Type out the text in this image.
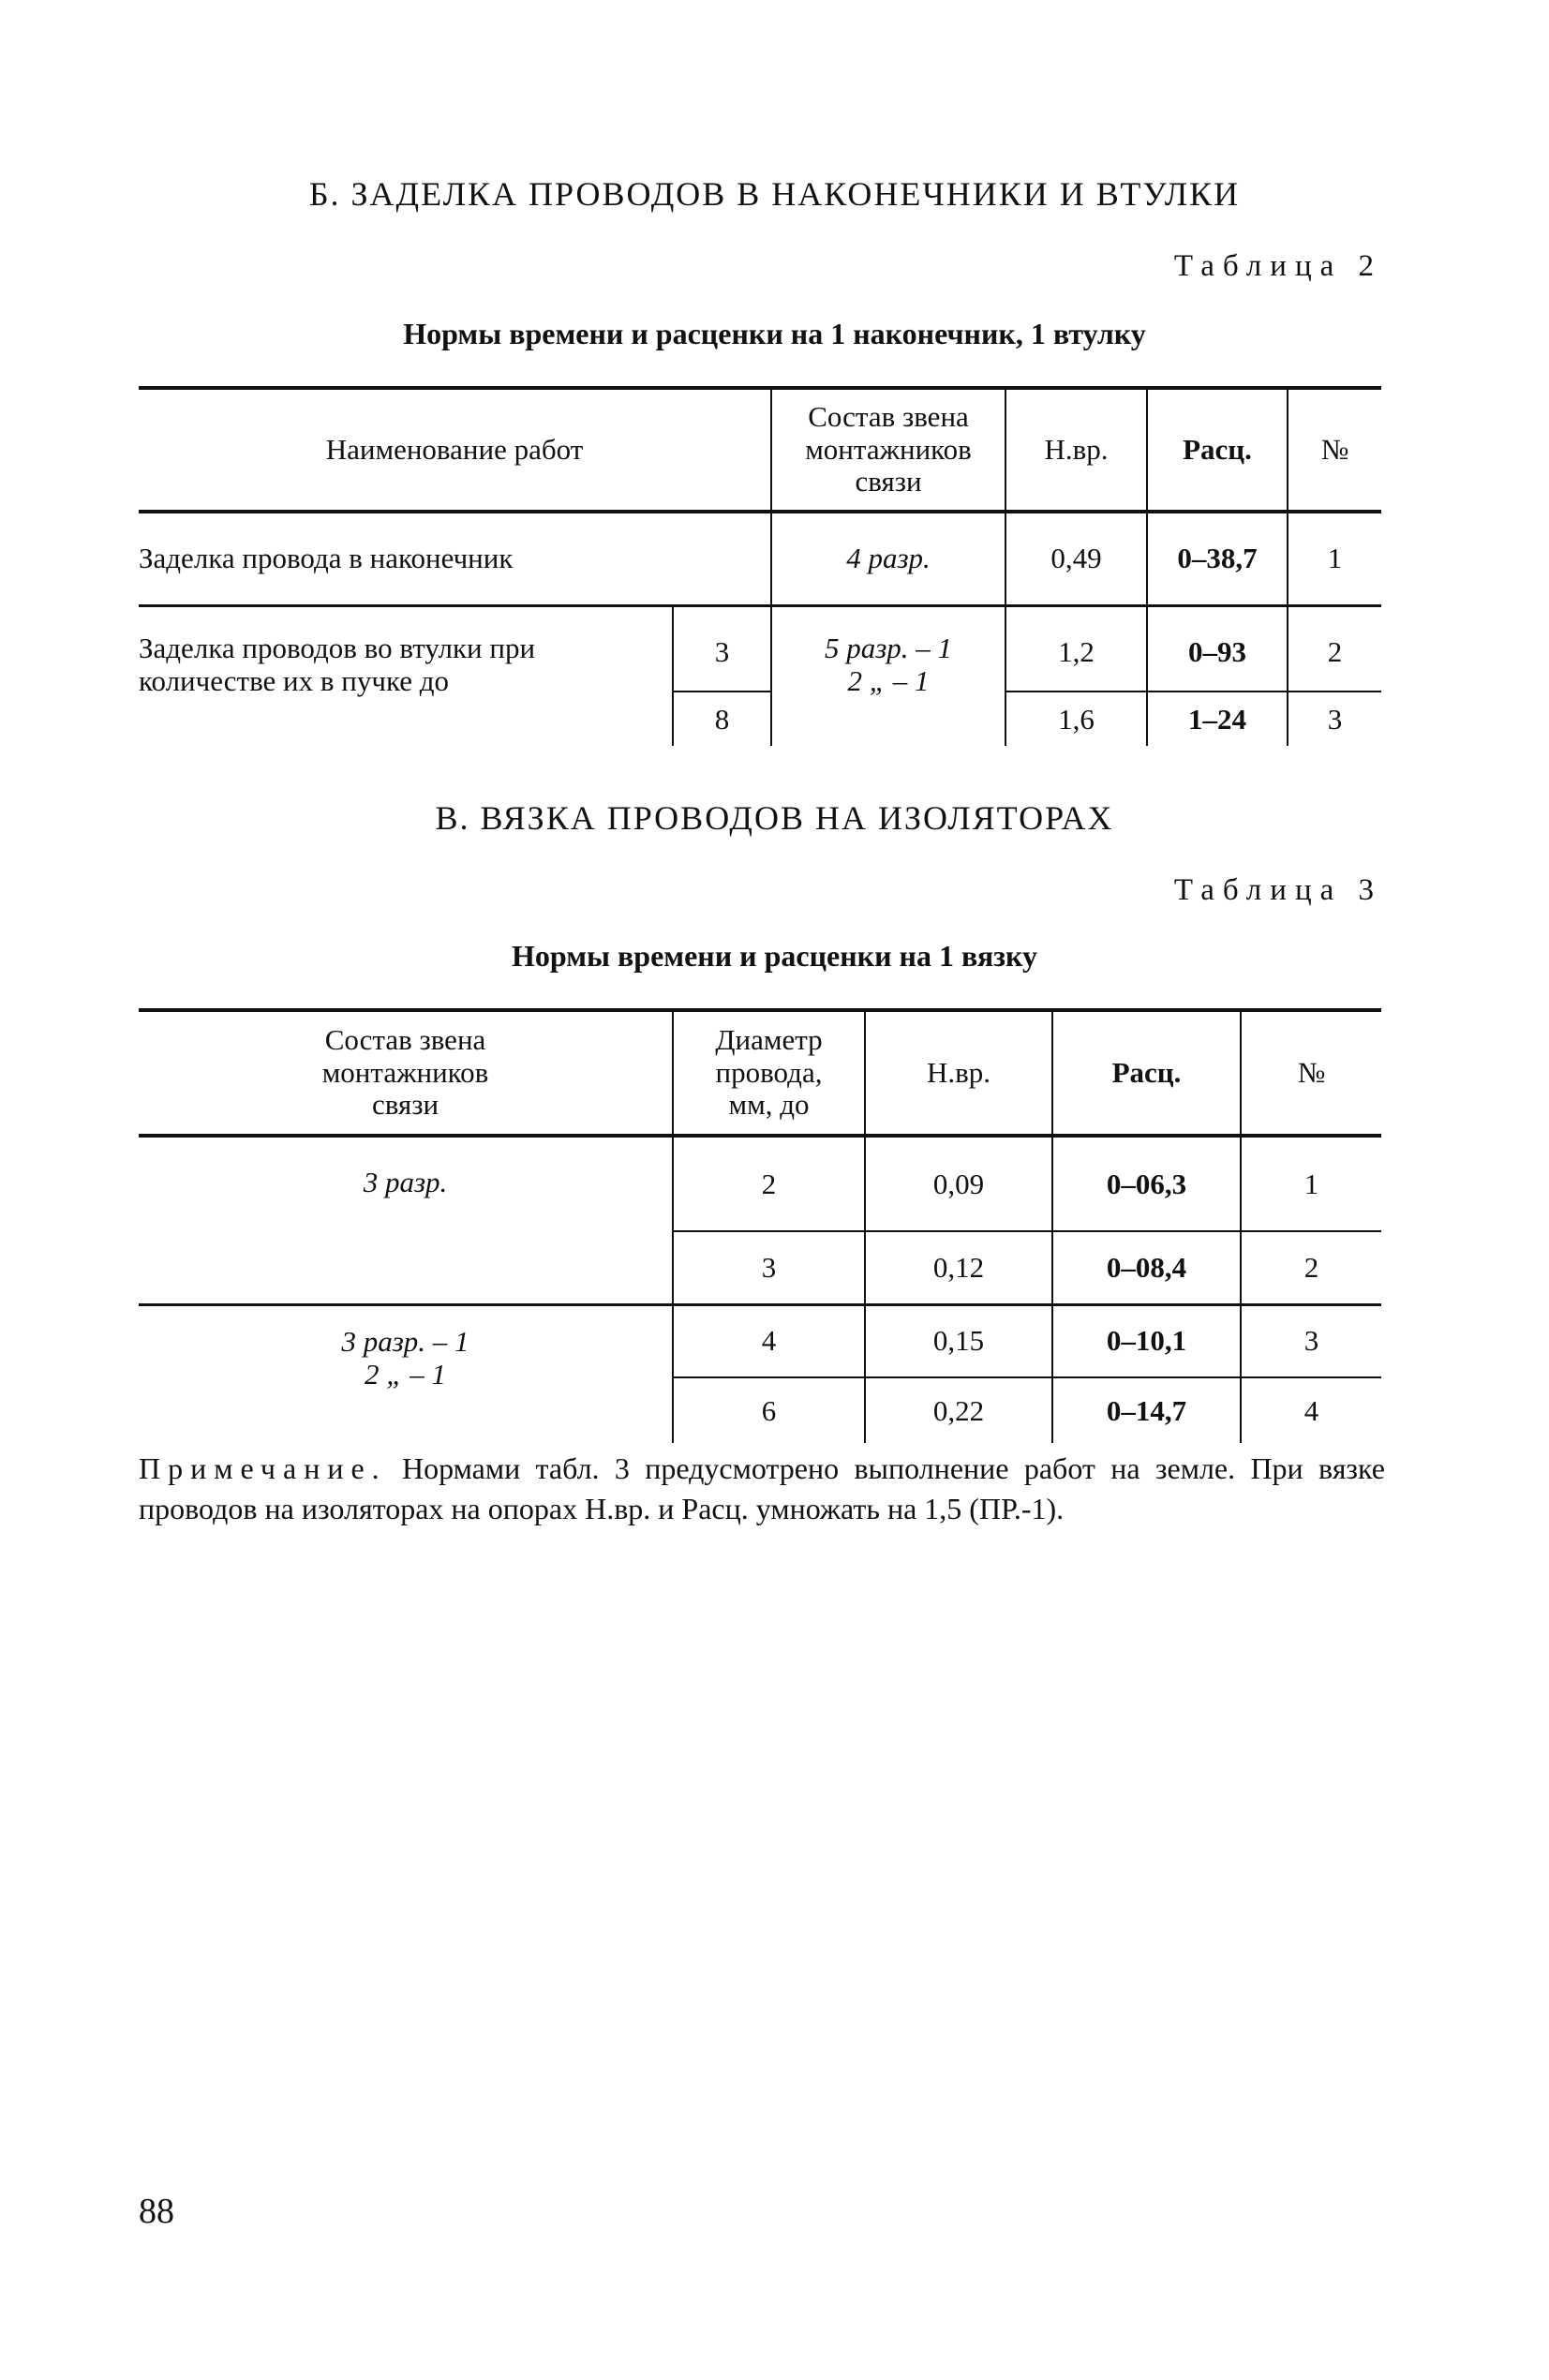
Б. ЗАДЕЛКА ПРОВОДОВ В НАКОНЕЧНИКИ И ВТУЛКИ
Таблица 2
Нормы времени и расценки на 1 наконечник, 1 втулку
Наименование работ		Состав звена
монтажников
связи	Н.вр.	Расц.	№
Заделка провода в наконечник		4 разр.	0,49	0–38,7	1
Заделка проводов во втулки при
количестве их в пучке до	3	5 разр. – 1
2 „ – 1	1,2	0–93	2
	8		1,6	1–24	3
В. ВЯЗКА ПРОВОДОВ НА ИЗОЛЯТОРАХ
Таблица 3
Нормы времени и расценки на 1 вязку
Состав звена
монтажников
связи	Диаметр
провода,
мм, до	Н.вр.	Расц.	№
3 разр.	2	0,09	0–06,3	1
	3	0,12	0–08,4	2
3 разр. – 1
2 „ – 1	4	0,15	0–10,1	3
	6	0,22	0–14,7	4
Примечание. Нормами табл. 3 предусмотрено выполнение работ на земле. При вязке проводов на изоляторах на опорах Н.вр. и Расц. умножать на 1,5 (ПР.-1).
88
